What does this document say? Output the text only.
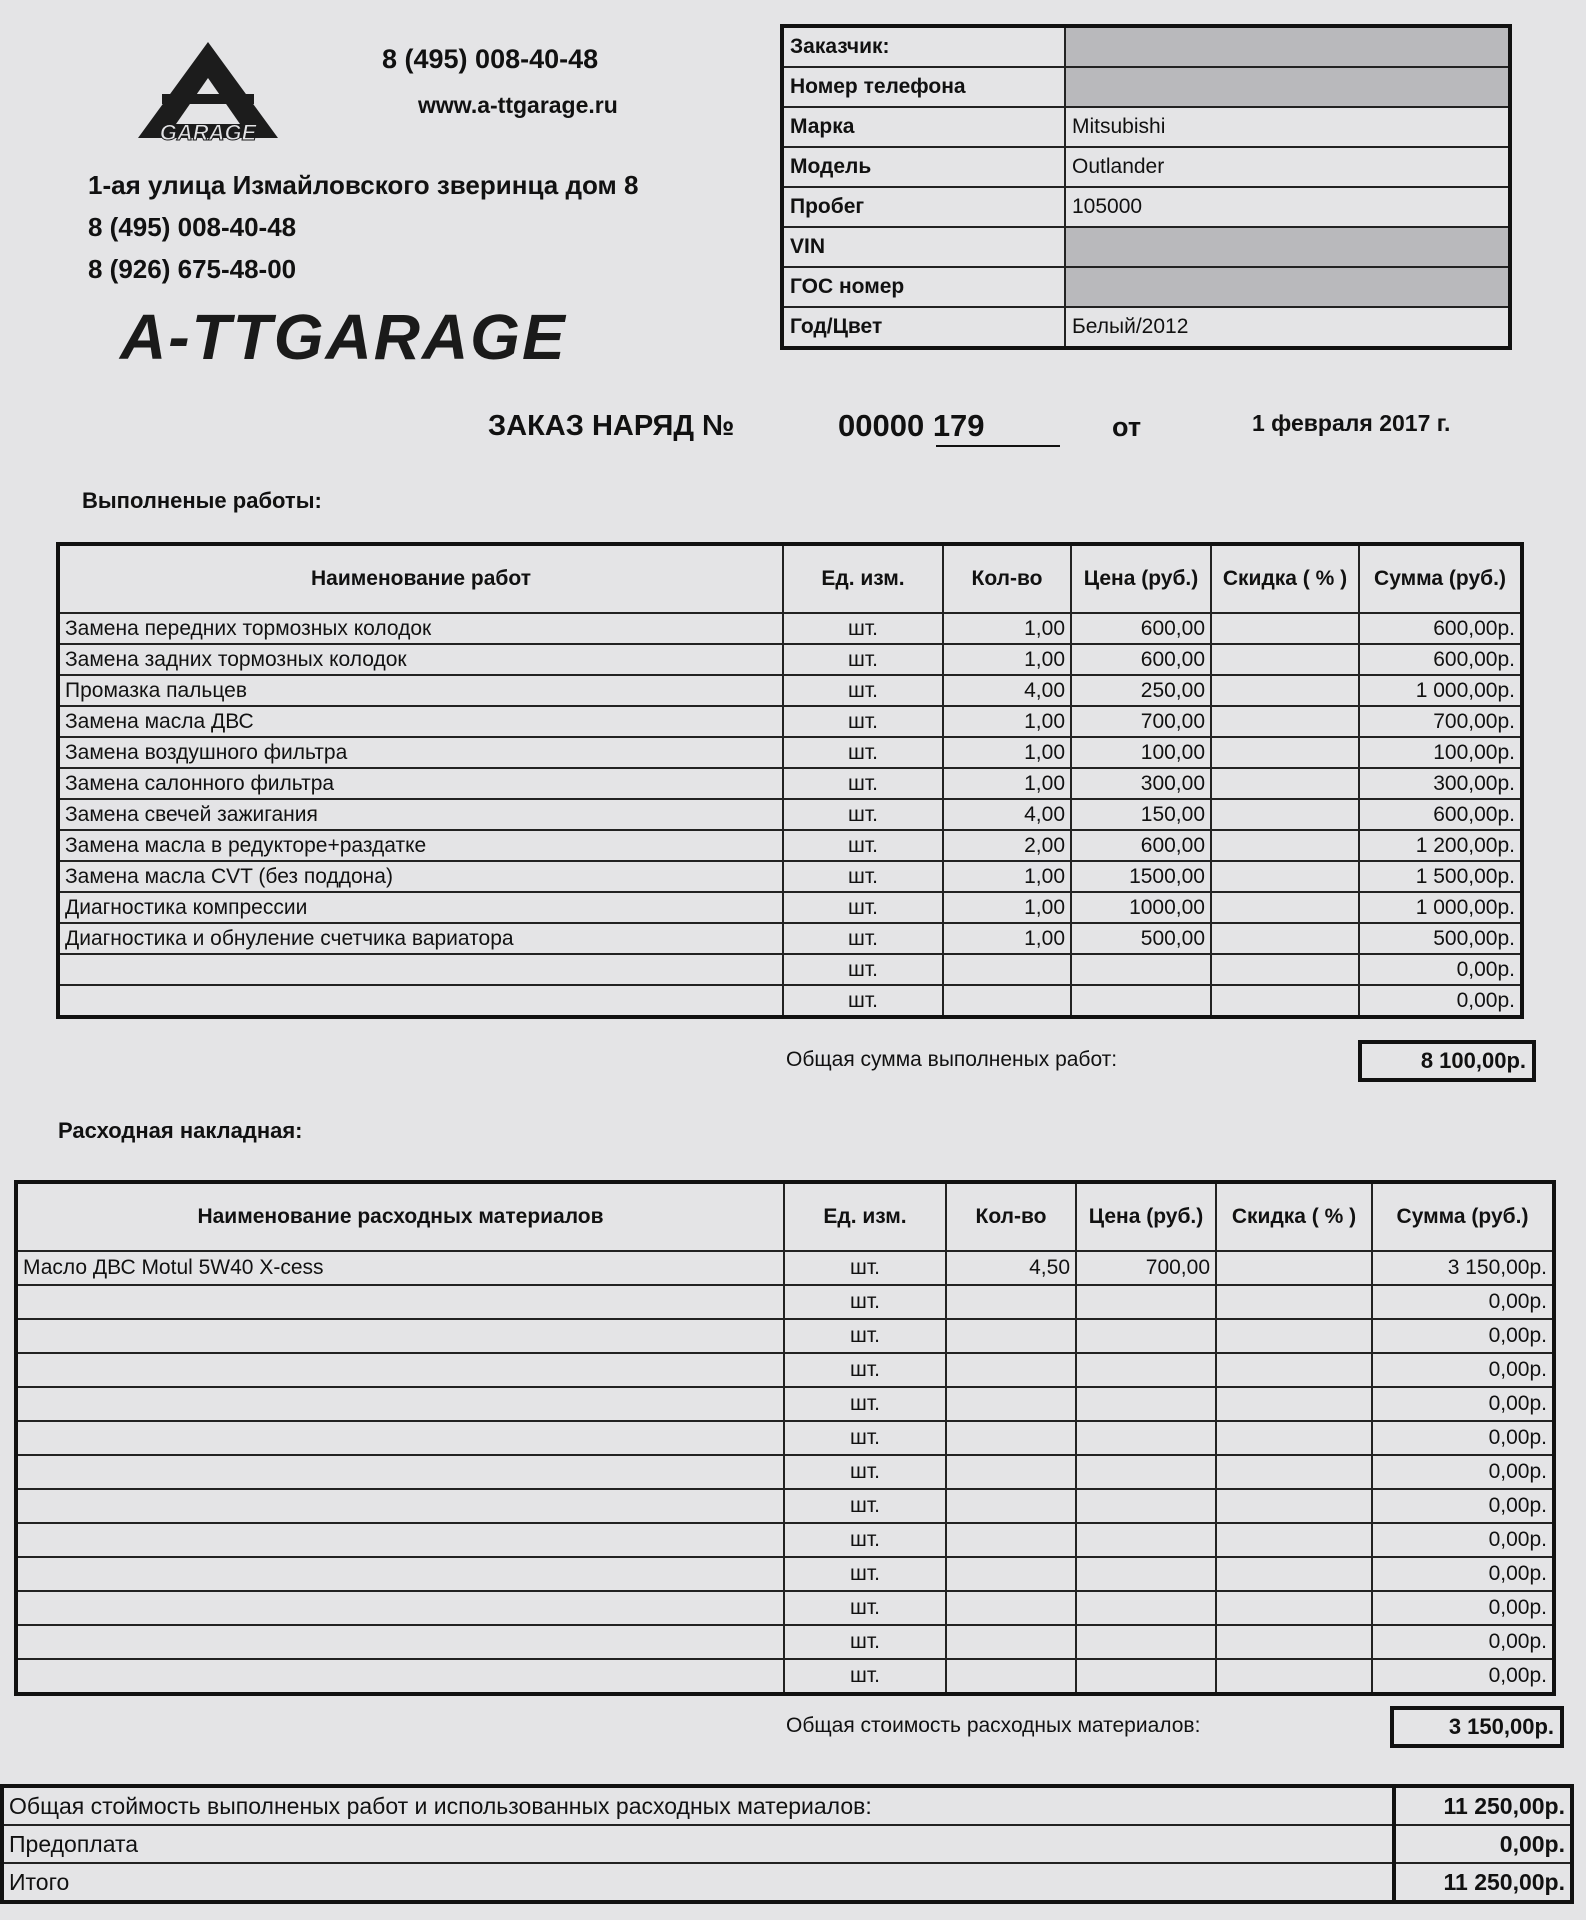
GARAGE
8 (495) 008-40-48
www.a-ttgarage.ru
1-ая улица Измайловского зверинца дом 8
8 (495) 008-40-48
8 (926) 675-48-00
A-TTGARAGE
Заказчик:	
Номер телефона	
Марка	Mitsubishi
Модель	Outlander
Пробег	105000
VIN	
ГОС номер	
Год/Цвет	Белый/2012
ЗАКАЗ НАРЯД №	00000 179	от	1 февраля 2017 г.
Выполненые работы:
Наименование работ	Ед. изм.	Кол-во	Цена (руб.)	Скидка ( % )	Сумма (руб.)
Замена передних тормозных колодок	шт.	1,00	600,00		600,00р.
Замена задних тормозных колодок	шт.	1,00	600,00		600,00р.
Промазка пальцев	шт.	4,00	250,00		1 000,00р.
Замена масла ДВС	шт.	1,00	700,00		700,00р.
Замена воздушного фильтра	шт.	1,00	100,00		100,00р.
Замена салонного фильтра	шт.	1,00	300,00		300,00р.
Замена свечей зажигания	шт.	4,00	150,00		600,00р.
Замена масла в редукторе+раздатке	шт.	2,00	600,00		1 200,00р.
Замена масла CVT (без поддона)	шт.	1,00	1500,00		1 500,00р.
Диагностика компрессии	шт.	1,00	1000,00		1 000,00р.
Диагностика и обнуление счетчика вариатора	шт.	1,00	500,00		500,00р.
	шт.				0,00р.
	шт.				0,00р.
Общая сумма выполненых работ:	8 100,00р.
Расходная накладная:
Наименование расходных материалов	Ед. изм.	Кол-во	Цена (руб.)	Скидка ( % )	Сумма (руб.)
Масло ДВС Motul 5W40 X-cess	шт.	4,50	700,00		3 150,00р.
	шт.				0,00р.
	шт.				0,00р.
	шт.				0,00р.
	шт.				0,00р.
	шт.				0,00р.
	шт.				0,00р.
	шт.				0,00р.
	шт.				0,00р.
	шт.				0,00р.
	шт.				0,00р.
	шт.				0,00р.
	шт.				0,00р.
Общая стоимость расходных материалов:	3 150,00р.
Общая стоймость выполненых работ и использованных расходных материалов:	11 250,00р.
Предоплата	0,00р.
Итого	11 250,00р.
